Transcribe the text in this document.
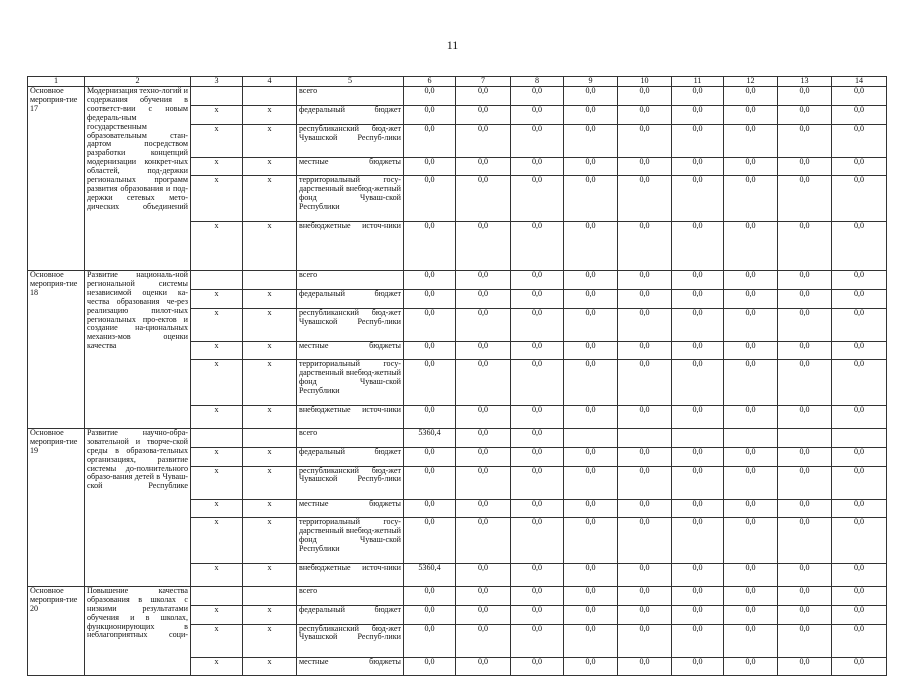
11
1	2	3	4	5	6	7	8	9	10	11	12	13	14
Основное мероприя-тие 17	Модернизация техно-логий и содержания обучения в соответст-вии с новым федераль-ным государственным образовательным стан-дартом посредством разработки концепций модернизации конкрет-ных областей, под-держки региональных программ развития образования и под-держки сетевых мето-дических объединений			всего	0,0	0,0	0,0	0,0	0,0	0,0	0,0	0,0	0,0
		х	х	федеральный бюджет	0,0	0,0	0,0	0,0	0,0	0,0	0,0	0,0	0,0
		х	х	республиканский бюд-жет Чувашской Респуб-лики	0,0	0,0	0,0	0,0	0,0	0,0	0,0	0,0	0,0
		х	х	местные бюджеты	0,0	0,0	0,0	0,0	0,0	0,0	0,0	0,0	0,0
		х	х	территориальный госу-дарственный внебюд-жетный фонд Чуваш-ской Республики	0,0	0,0	0,0	0,0	0,0	0,0	0,0	0,0	0,0
		х	х	внебюджетные источ-ники	0,0	0,0	0,0	0,0	0,0	0,0	0,0	0,0	0,0
Основное мероприя-тие 18	Развитие националь-ной региональной системы независимой оценки ка-чества образования че-рез реализацию пилот-ных региональных про-ектов и создание на-циональных механиз-мов оценки качества			всего	0,0	0,0	0,0	0,0	0,0	0,0	0,0	0,0	0,0
		х	х	федеральный бюджет	0,0	0,0	0,0	0,0	0,0	0,0	0,0	0,0	0,0
		х	х	республиканский бюд-жет Чувашской Респуб-лики	0,0	0,0	0,0	0,0	0,0	0,0	0,0	0,0	0,0
		х	х	местные бюджеты	0,0	0,0	0,0	0,0	0,0	0,0	0,0	0,0	0,0
		х	х	территориальный госу-дарственный внебюд-жетный фонд Чуваш-ской Республики	0,0	0,0	0,0	0,0	0,0	0,0	0,0	0,0	0,0
		х	х	внебюджетные источ-ники	0,0	0,0	0,0	0,0	0,0	0,0	0,0	0,0	0,0
Основное мероприя-тие 19	Развитие научно-обра-зовательной и творче-ской среды в образова-тельных организациях, развитие системы до-полнительного образо-вания детей в Чуваш-ской Республике			всего	5360,4	0,0	0,0						
		х	х	федеральный бюджет	0,0	0,0	0,0	0,0	0,0	0,0	0,0	0,0	0,0
		х	х	республиканский бюд-жет Чувашской Респуб-лики	0,0	0,0	0,0	0,0	0,0	0,0	0,0	0,0	0,0
		х	х	местные бюджеты	0,0	0,0	0,0	0,0	0,0	0,0	0,0	0,0	0,0
		х	х	территориальный госу-дарственный внебюд-жетный фонд Чуваш-ской Республики	0,0	0,0	0,0	0,0	0,0	0,0	0,0	0,0	0,0
		х	х	внебюджетные источ-ники	5360,4	0,0	0,0	0,0	0,0	0,0	0,0	0,0	0,0
Основное мероприя-тие 20	Повышение качества образования в школах с низкими результатами обучения и в школах, функционирующих в неблагоприятных соци-			всего	0,0	0,0	0,0	0,0	0,0	0,0	0,0	0,0	0,0
		х	х	федеральный бюджет	0,0	0,0	0,0	0,0	0,0	0,0	0,0	0,0	0,0
		х	х	республиканский бюд-жет Чувашской Респуб-лики	0,0	0,0	0,0	0,0	0,0	0,0	0,0	0,0	0,0
		х	х	местные бюджеты	0,0	0,0	0,0	0,0	0,0	0,0	0,0	0,0	0,0
